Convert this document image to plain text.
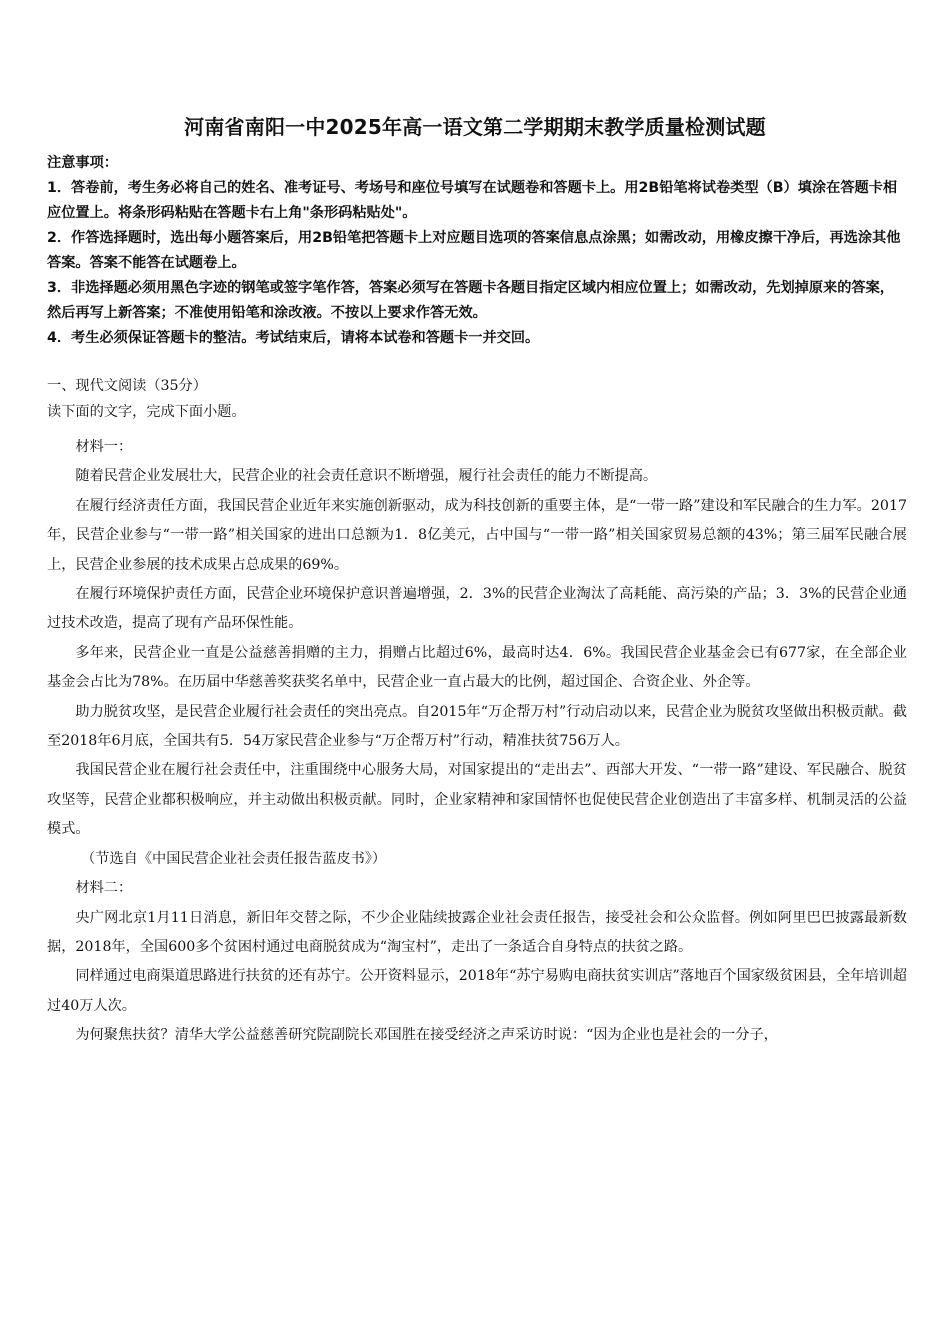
河南省南阳一中2025年高一语文第二学期期末教学质量检测试题

注意事项：

1．答卷前，考生务必将自己的姓名、准考证号、考场号和座位号填写在试题卷和答题卡上。用2B铅笔将试卷类型（B）填涂在答题卡相应位置上。将条形码粘贴在答题卡右上角"条形码粘贴处"。

2．作答选择题时，选出每小题答案后，用2B铅笔把答题卡上对应题目选项的答案信息点涂黑；如需改动，用橡皮擦干净后，再选涂其他答案。答案不能答在试题卷上。

3．非选择题必须用黑色字迹的钢笔或签字笔作答，答案必须写在答题卡各题目指定区域内相应位置上；如需改动，先划掉原来的答案，然后再写上新答案；不准使用铅笔和涂改液。不按以上要求作答无效。

4．考生必须保证答题卡的整洁。考试结束后，请将本试卷和答题卡一并交回。

一、现代文阅读（35分）

读下面的文字，完成下面小题。

材料一：

随着民营企业发展壮大，民营企业的社会责任意识不断增强，履行社会责任的能力不断提高。

在履行经济责任方面，我国民营企业近年来实施创新驱动，成为科技创新的重要主体，是“一带一路”建设和军民融合的生力军。2017年，民营企业参与“一带一路”相关国家的进出口总额为1．8亿美元，占中国与“一带一路”相关国家贸易总额的43%；第三届军民融合展上，民营企业参展的技术成果占总成果的69%。

在履行环境保护责任方面，民营企业环境保护意识普遍增强，2．3%的民营企业淘汰了高耗能、高污染的产品；3．3%的民营企业通过技术改造，提高了现有产品环保性能。

多年来，民营企业一直是公益慈善捐赠的主力，捐赠占比超过6%，最高时达4．6%。我国民营企业基金会已有677家，在全部企业基金会占比为78%。在历届中华慈善奖获奖名单中，民营企业一直占最大的比例，超过国企、合资企业、外企等。

助力脱贫攻坚，是民营企业履行社会责任的突出亮点。自2015年“万企帮万村”行动启动以来，民营企业为脱贫攻坚做出积极贡献。截至2018年6月底，全国共有5．54万家民营企业参与“万企帮万村”行动，精准扶贫756万人。

我国民营企业在履行社会责任中，注重围绕中心服务大局，对国家提出的“走出去”、西部大开发、“一带一路”建设、军民融合、脱贫攻坚等，民营企业都积极响应，并主动做出积极贡献。同时，企业家精神和家国情怀也促使民营企业创造出了丰富多样、机制灵活的公益模式。

（节选自《中国民营企业社会责任报告蓝皮书》）

材料二：

央广网北京1月11日消息，新旧年交替之际，不少企业陆续披露企业社会责任报告，接受社会和公众监督。例如阿里巴巴披露最新数据，2018年，全国600多个贫困村通过电商脱贫成为“淘宝村”，走出了一条适合自身特点的扶贫之路。

同样通过电商渠道思路进行扶贫的还有苏宁。公开资料显示，2018年“苏宁易购电商扶贫实训店”落地百个国家级贫困县，全年培训超过40万人次。

为何聚焦扶贫？清华大学公益慈善研究院副院长邓国胜在接受经济之声采访时说：“因为企业也是社会的一分子，
